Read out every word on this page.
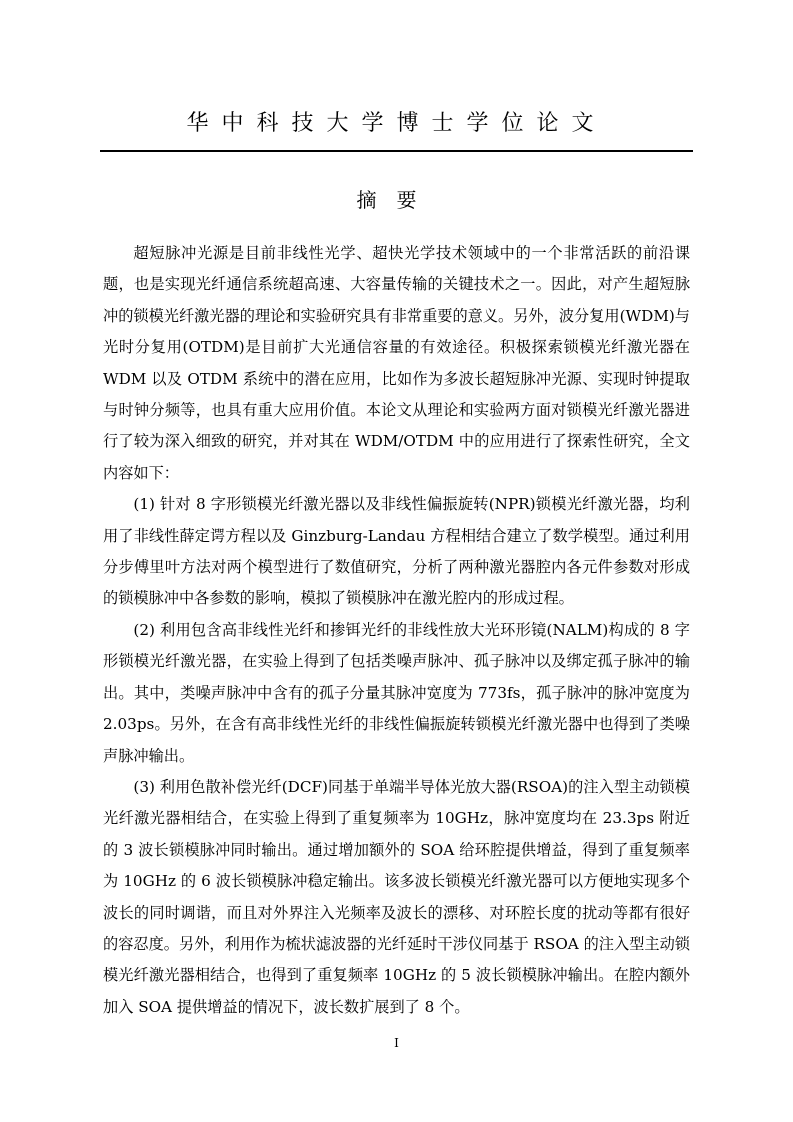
华中科技大学博士学位论文
摘要

超短脉冲光源是目前非线性光学、超快光学技术领域中的一个非常活跃的前沿课题，也是实现光纤通信系统超高速、大容量传输的关键技术之一。因此，对产生超短脉冲的锁模光纤激光器的理论和实验研究具有非常重要的意义。另外，波分复用(WDM)与光时分复用(OTDM)是目前扩大光通信容量的有效途径。积极探索锁模光纤激光器在 WDM 以及 OTDM 系统中的潜在应用，比如作为多波长超短脉冲光源、实现时钟提取与时钟分频等，也具有重大应用价值。本论文从理论和实验两方面对锁模光纤激光器进行了较为深入细致的研究，并对其在 WDM/OTDM 中的应用进行了探索性研究，全文内容如下：

(1) 针对 8 字形锁模光纤激光器以及非线性偏振旋转(NPR)锁模光纤激光器，均利用了非线性薛定谔方程以及 Ginzburg-Landau 方程相结合建立了数学模型。通过利用分步傅里叶方法对两个模型进行了数值研究，分析了两种激光器腔内各元件参数对形成的锁模脉冲中各参数的影响，模拟了锁模脉冲在激光腔内的形成过程。

(2) 利用包含高非线性光纤和掺铒光纤的非线性放大光环形镜(NALM)构成的 8 字形锁模光纤激光器，在实验上得到了包括类噪声脉冲、孤子脉冲以及绑定孤子脉冲的输出。其中，类噪声脉冲中含有的孤子分量其脉冲宽度为 773fs，孤子脉冲的脉冲宽度为 2.03ps。另外，在含有高非线性光纤的非线性偏振旋转锁模光纤激光器中也得到了类噪声脉冲输出。

(3) 利用色散补偿光纤(DCF)同基于单端半导体光放大器(RSOA)的注入型主动锁模光纤激光器相结合，在实验上得到了重复频率为 10GHz，脉冲宽度均在 23.3ps 附近的 3 波长锁模脉冲同时输出。通过增加额外的 SOA 给环腔提供增益，得到了重复频率为 10GHz 的 6 波长锁模脉冲稳定输出。该多波长锁模光纤激光器可以方便地实现多个波长的同时调谐，而且对外界注入光频率及波长的漂移、对环腔长度的扰动等都有很好的容忍度。另外，利用作为梳状滤波器的光纤延时干涉仪同基于 RSOA 的注入型主动锁模光纤激光器相结合，也得到了重复频率 10GHz 的 5 波长锁模脉冲输出。在腔内额外加入 SOA 提供增益的情况下，波长数扩展到了 8 个。

I
